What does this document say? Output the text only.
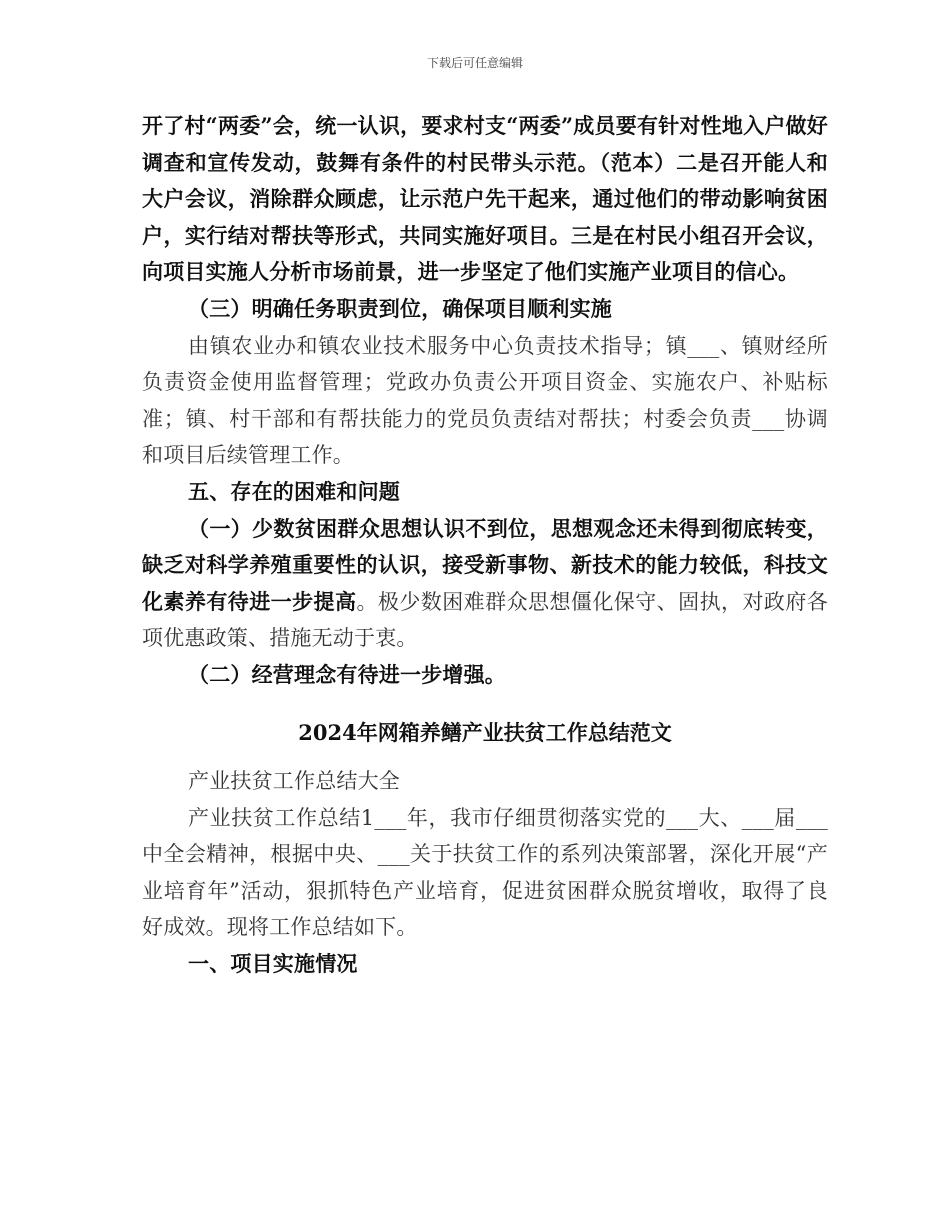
下载后可任意编辑

开了村“两委”会，统一认识，要求村支“两委”成员要有针对性地入户做好调查和宣传发动，鼓舞有条件的村民带头示范。（范本）二是召开能人和大户会议，消除群众顾虑，让示范户先干起来，通过他们的带动影响贫困户，实行结对帮扶等形式，共同实施好项目。三是在村民小组召开会议，向项目实施人分析市场前景，进一步坚定了他们实施产业项目的信心。

（三）明确任务职责到位，确保项目顺利实施

由镇农业办和镇农业技术服务中心负责技术指导；镇___、镇财经所负责资金使用监督管理；党政办负责公开项目资金、实施农户、补贴标准；镇、村干部和有帮扶能力的党员负责结对帮扶；村委会负责___协调和项目后续管理工作。

五、存在的困难和问题

（一）少数贫困群众思想认识不到位，思想观念还未得到彻底转变，缺乏对科学养殖重要性的认识，接受新事物、新技术的能力较低，科技文化素养有待进一步提高。极少数困难群众思想僵化保守、固执，对政府各项优惠政策、措施无动于衷。

（二）经营理念有待进一步增强。

2024年网箱养鳝产业扶贫工作总结范文

产业扶贫工作总结大全

产业扶贫工作总结1___年，我市仔细贯彻落实党的___大、___届___中全会精神，根据中央、___关于扶贫工作的系列决策部署，深化开展“产业培育年”活动，狠抓特色产业培育，促进贫困群众脱贫增收，取得了良好成效。现将工作总结如下。

一、项目实施情况
